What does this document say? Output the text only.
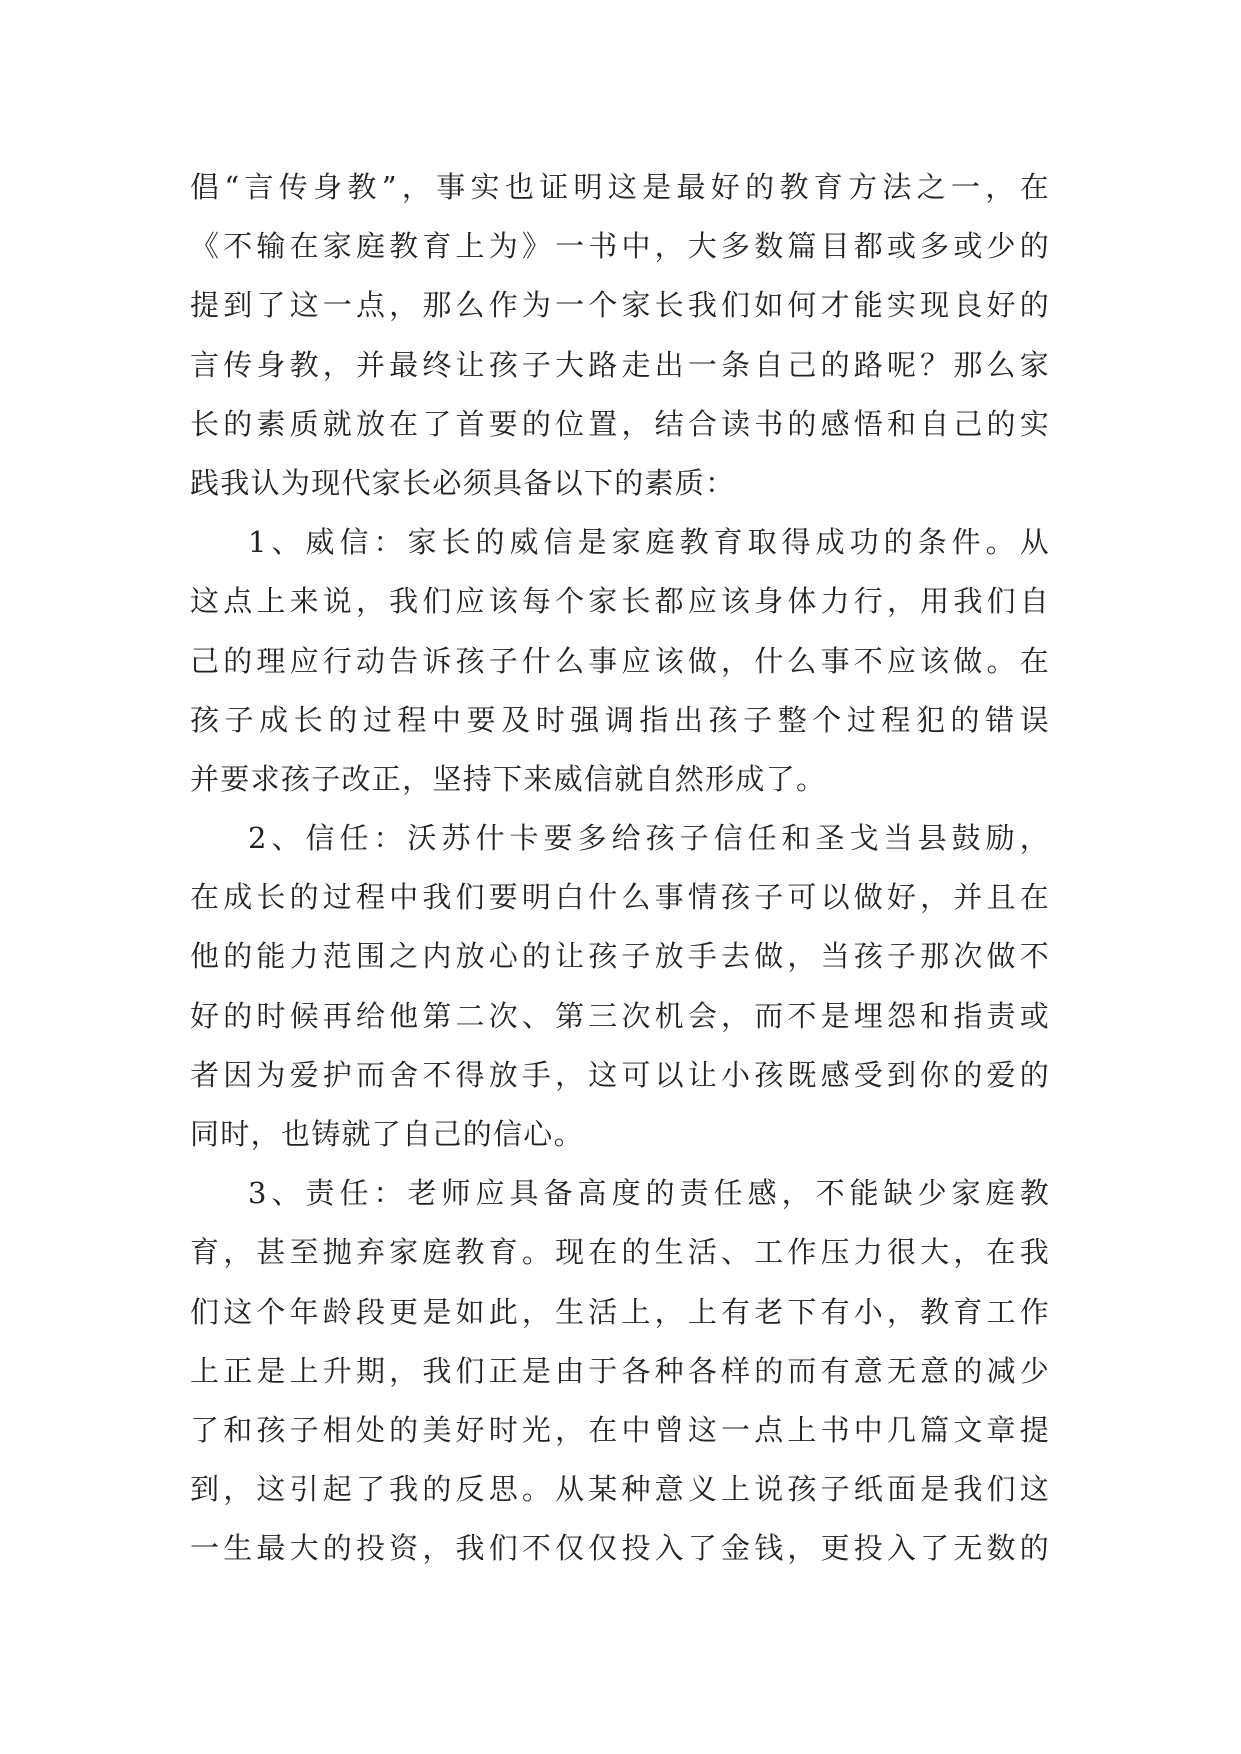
倡“言传身教”，事实也证明这是最好的教育方法之一，在
《不输在家庭教育上为》一书中，大多数篇目都或多或少的
提到了这一点，那么作为一个家长我们如何才能实现良好的
言传身教，并最终让孩子大路走出一条自己的路呢？那么家
长的素质就放在了首要的位置，结合读书的感悟和自己的实
践我认为现代家长必须具备以下的素质：
1、威信：家长的威信是家庭教育取得成功的条件。从
这点上来说，我们应该每个家长都应该身体力行，用我们自
己的理应行动告诉孩子什么事应该做，什么事不应该做。在
孩子成长的过程中要及时强调指出孩子整个过程犯的错误
并要求孩子改正，坚持下来威信就自然形成了。
2、信任：沃苏什卡要多给孩子信任和圣戈当县鼓励，
在成长的过程中我们要明白什么事情孩子可以做好，并且在
他的能力范围之内放心的让孩子放手去做，当孩子那次做不
好的时候再给他第二次、第三次机会，而不是埋怨和指责或
者因为爱护而舍不得放手，这可以让小孩既感受到你的爱的
同时，也铸就了自己的信心。
3、责任：老师应具备高度的责任感，不能缺少家庭教
育，甚至抛弃家庭教育。现在的生活、工作压力很大，在我
们这个年龄段更是如此，生活上，上有老下有小，教育工作
上正是上升期，我们正是由于各种各样的而有意无意的减少
了和孩子相处的美好时光，在中曾这一点上书中几篇文章提
到，这引起了我的反思。从某种意义上说孩子纸面是我们这
一生最大的投资，我们不仅仅投入了金钱，更投入了无数的
